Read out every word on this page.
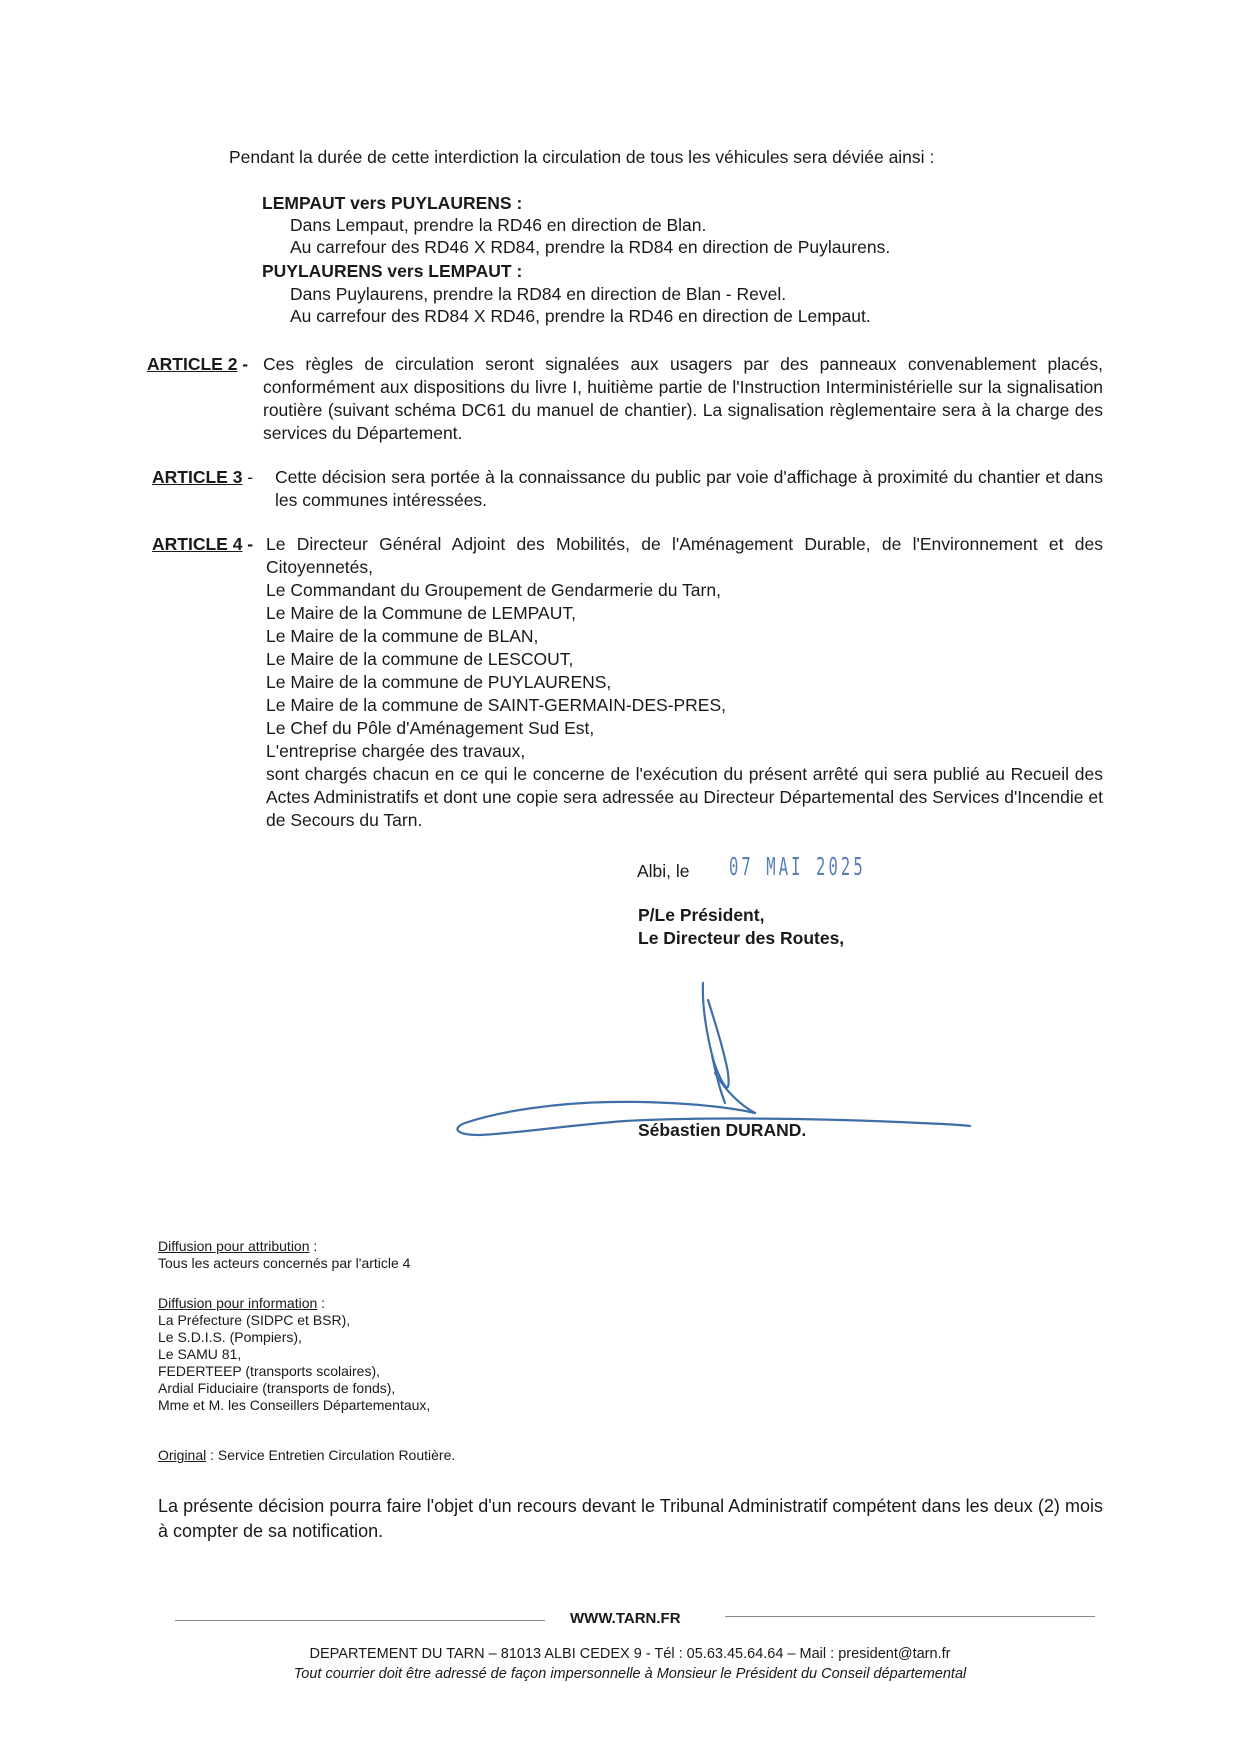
Pendant la durée de cette interdiction la circulation de tous les véhicules sera déviée ainsi :
LEMPAUT vers PUYLAURENS :
Dans Lempaut, prendre la RD46 en direction de Blan.
Au carrefour des RD46 X RD84, prendre la RD84 en direction de Puylaurens.
PUYLAURENS vers LEMPAUT :
Dans Puylaurens, prendre la RD84 en direction de Blan - Revel.
Au carrefour des RD84 X RD46, prendre la RD46 en direction de Lempaut.
ARTICLE 2 - Ces règles de circulation seront signalées aux usagers par des panneaux convenablement placés, conformément aux dispositions du livre I, huitième partie de l'Instruction Interministérielle sur la signalisation routière (suivant schéma DC61 du manuel de chantier). La signalisation règlementaire sera à la charge des services du Département.
ARTICLE 3 - Cette décision sera portée à la connaissance du public par voie d'affichage à proximité du chantier et dans les communes intéressées.
ARTICLE 4 - Le Directeur Général Adjoint des Mobilités, de l'Aménagement Durable, de l'Environnement et des Citoyennetés,
Le Commandant du Groupement de Gendarmerie du Tarn,
Le Maire de la Commune de LEMPAUT,
Le Maire de la commune de BLAN,
Le Maire de la commune de LESCOUT,
Le Maire de la commune de PUYLAURENS,
Le Maire de la commune de SAINT-GERMAIN-DES-PRES,
Le Chef du Pôle d'Aménagement Sud Est,
L'entreprise chargée des travaux,
sont chargés chacun en ce qui le concerne de l'exécution du présent arrêté qui sera publié au Recueil des Actes Administratifs et dont une copie sera adressée au Directeur Départemental des Services d'Incendie et de Secours du Tarn.
Albi, le 07 MAI 2025
P/Le Président,
Le Directeur des Routes,
Sébastien DURAND.
Diffusion pour attribution :
Tous les acteurs concernés par l'article 4
Diffusion pour information :
La Préfecture (SIDPC et BSR),
Le S.D.I.S. (Pompiers),
Le SAMU 81,
FEDERTEEP (transports scolaires),
Ardial Fiduciaire (transports de fonds),
Mme et M. les Conseillers Départementaux,
Original : Service Entretien Circulation Routière.
La présente décision pourra faire l'objet d'un recours devant le Tribunal Administratif compétent dans les deux (2) mois à compter de sa notification.
WWW.TARN.FR
DEPARTEMENT DU TARN – 81013 ALBI CEDEX 9 - Tél : 05.63.45.64.64 – Mail : president@tarn.fr
Tout courrier doit être adressé de façon impersonnelle à Monsieur le Président du Conseil départemental
